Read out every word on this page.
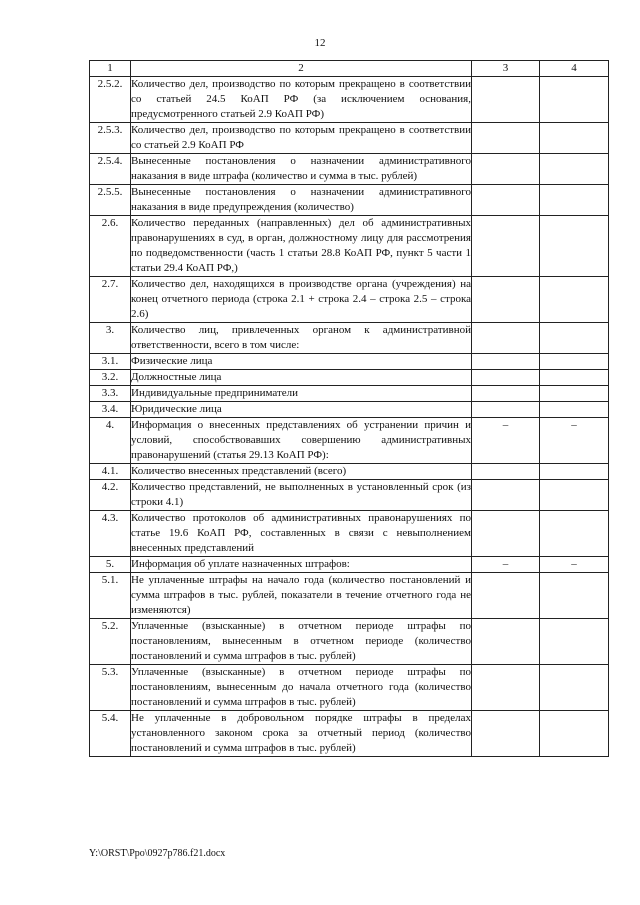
12
1	2	3	4
2.5.2.	Количество дел, производство по которым прекращено в соответствии со статьей 24.5 КоАП РФ (за исключением основания, предусмотренного статьей 2.9 КоАП РФ)		
2.5.3.	Количество дел, производство по которым прекращено в соответствии со статьей 2.9 КоАП РФ		
2.5.4.	Вынесенные постановления о назначении административного наказания в виде штрафа (количество и сумма в тыс. рублей)		
2.5.5.	Вынесенные постановления о назначении административного наказания в виде предупреждения (количество)		
2.6.	Количество переданных (направленных) дел об административных правонарушениях в суд, в орган, должностному лицу для рассмотрения по подведомственности (часть 1 статьи 28.8 КоАП РФ, пункт 5 части 1 статьи 29.4 КоАП РФ,)		
2.7.	Количество дел, находящихся в производстве органа (учреждения) на конец отчетного периода (строка 2.1 + строка 2.4 – строка 2.5 – строка 2.6)		
3.	Количество лиц, привлеченных органом к административной ответственности, всего в том числе:		
3.1.	Физические лица		
3.2.	Должностные лица		
3.3.	Индивидуальные предприниматели		
3.4.	Юридические лица		
4.	Информация о внесенных представлениях об устранении причин и условий, способствовавших совершению административных правонарушений (статья 29.13 КоАП РФ):	–	–
4.1.	Количество внесенных представлений (всего)		
4.2.	Количество представлений, не выполненных в установленный срок (из строки 4.1)		
4.3.	Количество протоколов об административных правонарушениях по статье 19.6 КоАП РФ, составленных в связи с невыполнением внесенных представлений		
5.	Информация об уплате назначенных штрафов:	–	–
5.1.	Не уплаченные штрафы на начало года (количество постановлений и сумма штрафов в тыс. рублей, показатели в течение отчетного года не изменяются)		
5.2.	Уплаченные (взысканные) в отчетном периоде штрафы по постановлениям, вынесенным в отчетном периоде (количество постановлений и сумма штрафов в тыс. рублей)		
5.3.	Уплаченные (взысканные) в отчетном периоде штрафы по постановлениям, вынесенным до начала отчетного года (количество постановлений и сумма штрафов в тыс. рублей)		
5.4.	Не уплаченные в добровольном порядке штрафы в пределах установленного законом срока за отчетный период (количество постановлений и сумма штрафов в тыс. рублей)		
Y:\ORST\Ppo\0927p786.f21.docx
